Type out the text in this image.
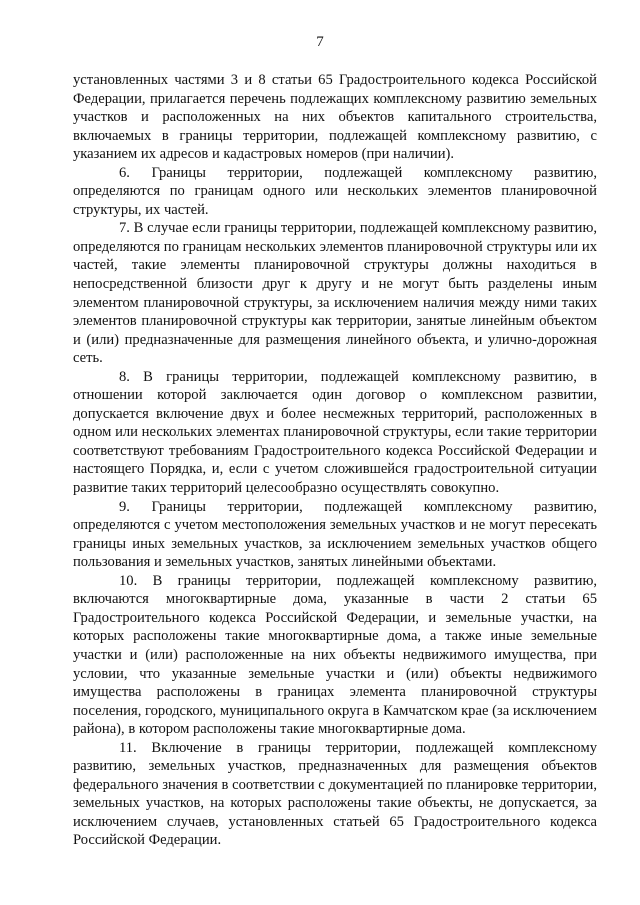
7

установленных частями 3 и 8 статьи 65 Градостроительного кодекса Российской Федерации, прилагается перечень подлежащих комплексному развитию земельных участков и расположенных на них объектов капитального строительства, включаемых в границы территории, подлежащей комплексному развитию, с указанием их адресов и кадастровых номеров (при наличии).

6. Границы территории, подлежащей комплексному развитию, определяются по границам одного или нескольких элементов планировочной структуры, их частей.

7. В случае если границы территории, подлежащей комплексному развитию, определяются по границам нескольких элементов планировочной структуры или их частей, такие элементы планировочной структуры должны находиться в непосредственной близости друг к другу и не могут быть разделены иным элементом планировочной структуры, за исключением наличия между ними таких элементов планировочной структуры как территории, занятые линейным объектом и (или) предназначенные для размещения линейного объекта, и улично-дорожная сеть.

8. В границы территории, подлежащей комплексному развитию, в отношении которой заключается один договор о комплексном развитии, допускается включение двух и более несмежных территорий, расположенных в одном или нескольких элементах планировочной структуры, если такие территории соответствуют требованиям Градостроительного кодекса Российской Федерации и настоящего Порядка, и, если с учетом сложившейся градостроительной ситуации развитие таких территорий целесообразно осуществлять совокупно.

9. Границы территории, подлежащей комплексному развитию, определяются с учетом местоположения земельных участков и не могут пересекать границы иных земельных участков, за исключением земельных участков общего пользования и земельных участков, занятых линейными объектами.

10. В границы территории, подлежащей комплексному развитию, включаются многоквартирные дома, указанные в части 2 статьи 65 Градостроительного кодекса Российской Федерации, и земельные участки, на которых расположены такие многоквартирные дома, а также иные земельные участки и (или) расположенные на них объекты недвижимого имущества, при условии, что указанные земельные участки и (или) объекты недвижимого имущества расположены в границах элемента планировочной структуры поселения, городского, муниципального округа в Камчатском крае (за исключением района), в котором расположены такие многоквартирные дома.

11. Включение в границы территории, подлежащей комплексному развитию, земельных участков, предназначенных для размещения объектов федерального значения в соответствии с документацией по планировке территории, земельных участков, на которых расположены такие объекты, не допускается, за исключением случаев, установленных статьей 65 Градостроительного кодекса Российской Федерации.
